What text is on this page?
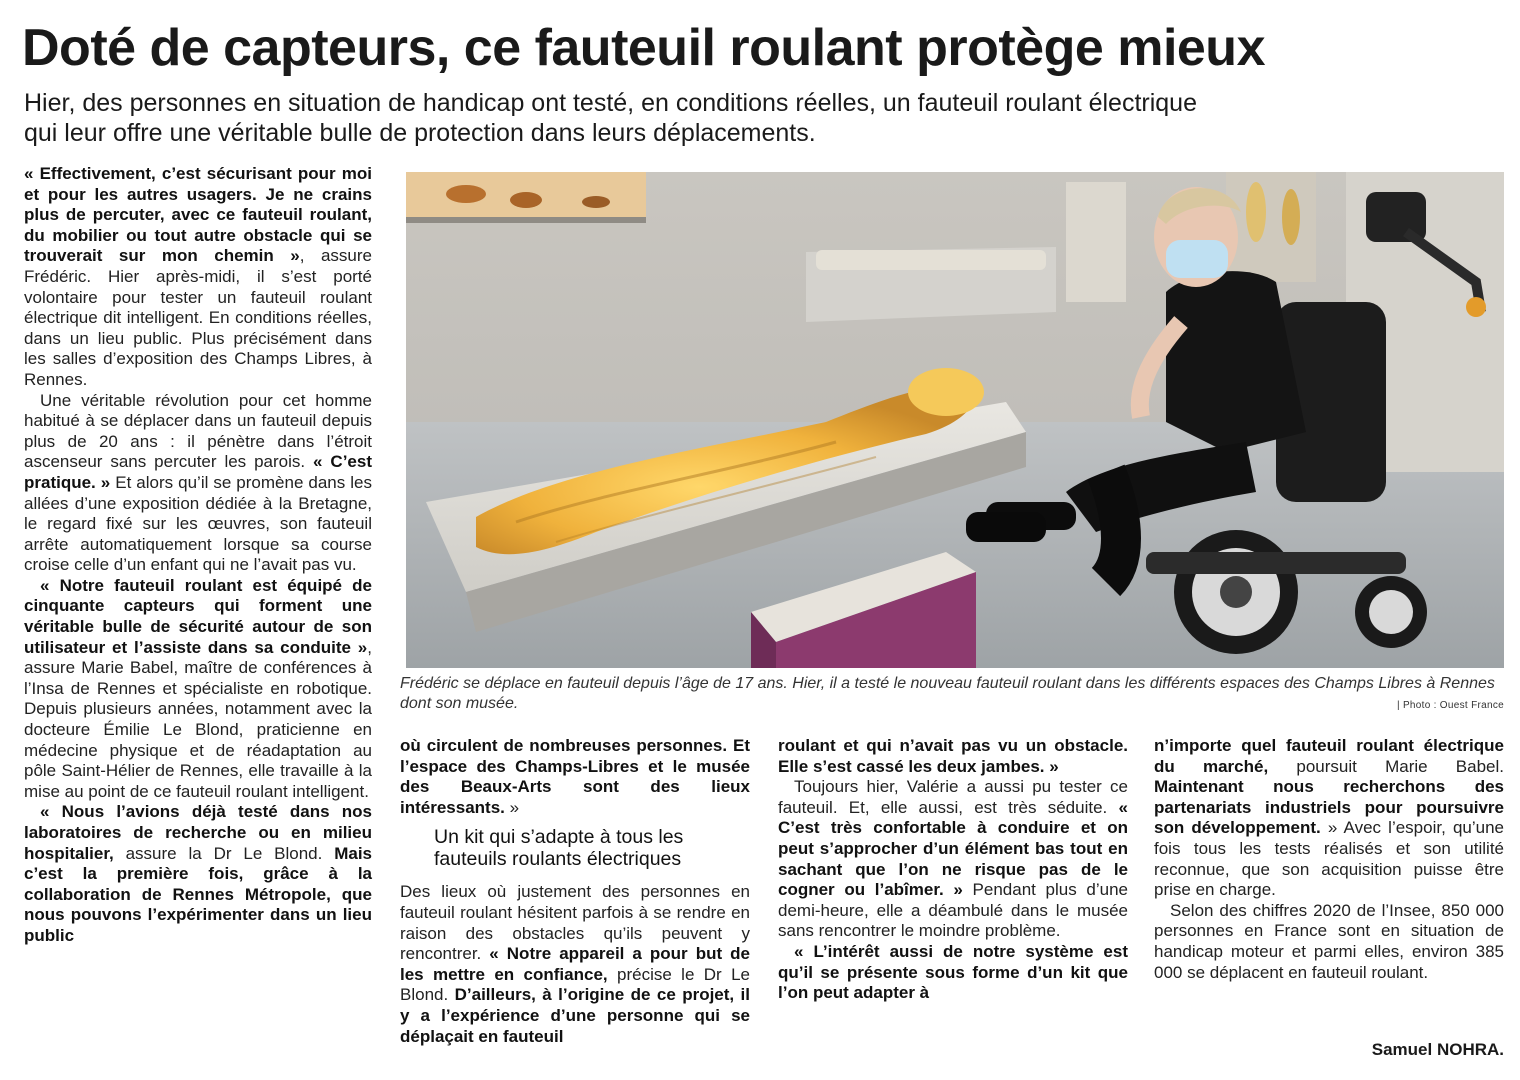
Doté de capteurs, ce fauteuil roulant protège mieux

Hier, des personnes en situation de handicap ont testé, en conditions réelles, un fauteuil roulant électrique qui leur offre une véritable bulle de protection dans leurs déplacements.

« Effectivement, c’est sécurisant pour moi et pour les autres usagers. Je ne crains plus de percuter, avec ce fauteuil roulant, du mobilier ou tout autre obstacle qui se trouverait sur mon chemin », assure Frédéric. Hier après-midi, il s’est porté volontaire pour tester un fauteuil roulant électrique dit intelligent. En conditions réelles, dans un lieu public. Plus précisément dans les salles d’exposition des Champs Libres, à Rennes.

Une véritable révolution pour cet homme habitué à se déplacer dans un fauteuil depuis plus de 20 ans : il pénètre dans l’étroit ascenseur sans percuter les parois. « C’est pratique. » Et alors qu’il se promène dans les allées d’une exposition dédiée à la Bretagne, le regard fixé sur les œuvres, son fauteuil arrête automatiquement lorsque sa course croise celle d’un enfant qui ne l’avait pas vu.

« Notre fauteuil roulant est équipé de cinquante capteurs qui forment une véritable bulle de sécurité autour de son utilisateur et l’assiste dans sa conduite », assure Marie Babel, maître de conférences à l’Insa de Rennes et spécialiste en robotique. Depuis plusieurs années, notamment avec la docteure Émilie Le Blond, praticienne en médecine physique et de réadaptation au pôle Saint-Hélier de Rennes, elle travaille à la mise au point de ce fauteuil roulant intelligent.

« Nous l’avions déjà testé dans nos laboratoires de recherche ou en milieu hospitalier, assure la Dr Le Blond. Mais c’est la première fois, grâce à la collaboration de Rennes Métropole, que nous pouvons l’expérimenter dans un lieu public

Frédéric se déplace en fauteuil depuis l’âge de 17 ans. Hier, il a testé le nouveau fauteuil roulant dans les différents espaces des Champs Libres à Rennes dont son musée.	| Photo : Ouest France

où circulent de nombreuses personnes. Et l’espace des Champs-Libres et le musée des Beaux-Arts sont des lieux intéressants. »

Un kit qui s’adapte à tous les fauteuils roulants électriques

Des lieux où justement des personnes en fauteuil roulant hésitent parfois à se rendre en raison des obstacles qu’ils peuvent y rencontrer. « Notre appareil a pour but de les mettre en confiance, précise le Dr Le Blond. D’ailleurs, à l’origine de ce projet, il y a l’expérience d’une personne qui se déplaçait en fauteuil

roulant et qui n’avait pas vu un obstacle. Elle s’est cassé les deux jambes. »

Toujours hier, Valérie a aussi pu tester ce fauteuil. Et, elle aussi, est très séduite. « C’est très confortable à conduire et on peut s’approcher d’un élément bas tout en sachant que l’on ne risque pas de le cogner ou l’abîmer. » Pendant plus d’une demi-heure, elle a déambulé dans le musée sans rencontrer le moindre problème.

« L’intérêt aussi de notre système est qu’il se présente sous forme d’un kit que l’on peut adapter à

n’importe quel fauteuil roulant électrique du marché, poursuit Marie Babel. Maintenant nous recherchons des partenariats industriels pour poursuivre son développement. » Avec l’espoir, qu’une fois tous les tests réalisés et son utilité reconnue, que son acquisition puisse être prise en charge.

Selon des chiffres 2020 de l’Insee, 850 000 personnes en France sont en situation de handicap moteur et parmi elles, environ 385 000 se déplacent en fauteuil roulant.

Samuel NOHRA.
